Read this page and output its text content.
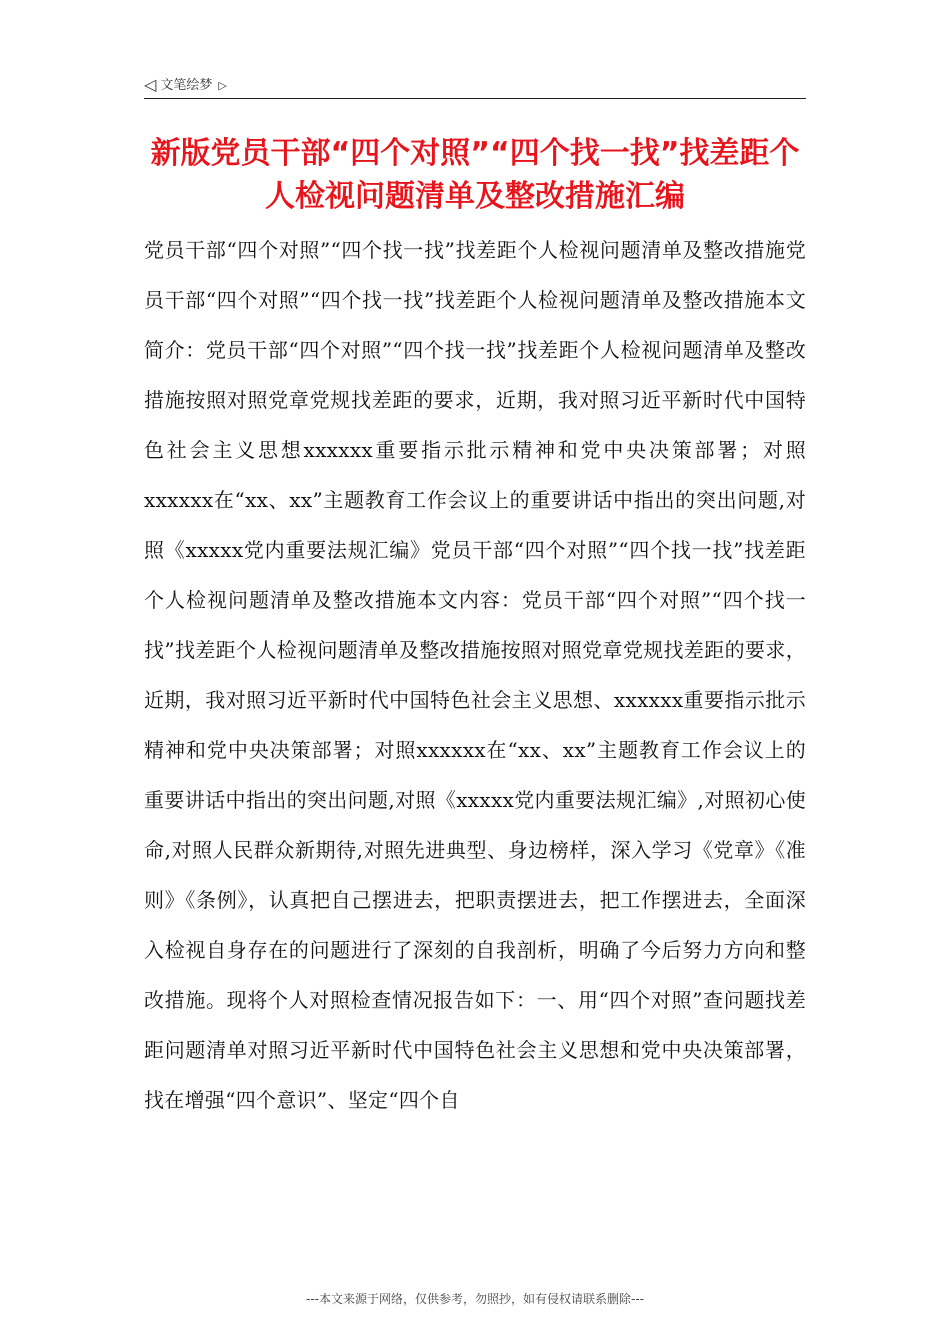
◁ 文笔绘梦 ▷
新版党员干部“四个对照”“四个找一找”找差距个人检视问题清单及整改措施汇编

党员干部“四个对照”“四个找一找”找差距个人检视问题清单及整改措施党员干部“四个对照”“四个找一找”找差距个人检视问题清单及整改措施本文简介：党员干部“四个对照”“四个找一找”找差距个人检视问题清单及整改措施按照对照党章党规找差距的要求，近期，我对照习近平新时代中国特色社会主义思想xxxxxx重要指示批示精神和党中央决策部署；对照xxxxxx在“xx、xx”主题教育工作会议上的重要讲话中指出的突出问题,对照《xxxxx党内重要法规汇编》党员干部“四个对照”“四个找一找”找差距个人检视问题清单及整改措施本文内容：党员干部“四个对照”“四个找一找”找差距个人检视问题清单及整改措施按照对照党章党规找差距的要求，近期，我对照习近平新时代中国特色社会主义思想、xxxxxx重要指示批示精神和党中央决策部署；对照xxxxxx在“xx、xx”主题教育工作会议上的重要讲话中指出的突出问题,对照《xxxxx党内重要法规汇编》,对照初心使命,对照人民群众新期待,对照先进典型、身边榜样，深入学习《党章》《准则》《条例》，认真把自己摆进去，把职责摆进去，把工作摆进去，全面深入检视自身存在的问题进行了深刻的自我剖析，明确了今后努力方向和整改措施。现将个人对照检查情况报告如下：一、用“四个对照”查问题找差距问题清单对照习近平新时代中国特色社会主义思想和党中央决策部署，找在增强“四个意识”、坚定“四个自

---本文来源于网络，仅供参考，勿照抄，如有侵权请联系删除---
